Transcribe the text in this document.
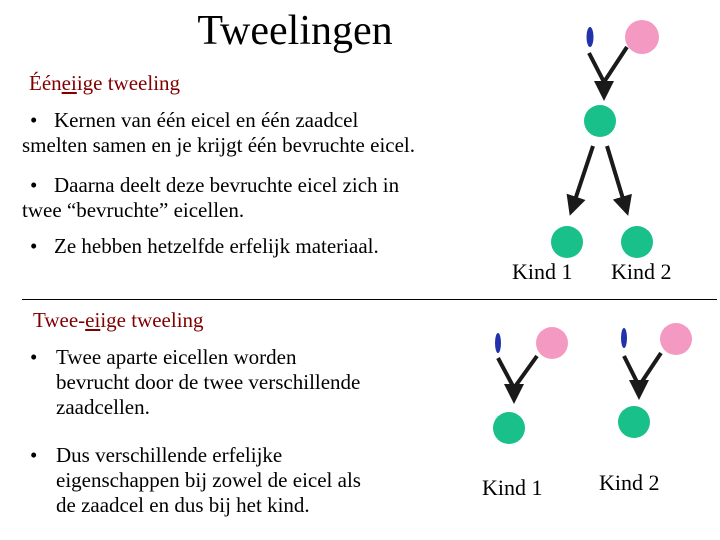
Tweelingen
Ééneiige tweeling
• Kernen van één eicel en één zaadcel
smelten samen en je krijgt één bevruchte eicel.
• Daarna deelt deze bevruchte eicel zich in
twee “bevruchte” eicellen.
• Ze hebben hetzelfde erfelijk materiaal.
Kind 1 Kind 2
Twee-eiige tweeling
• Twee aparte eicellen worden
bevrucht door de twee verschillende
zaadcellen.
• Dus verschillende erfelijke
eigenschappen bij zowel de eicel als
de zaadcel en dus bij het kind.
Kind 1	Kind 2
